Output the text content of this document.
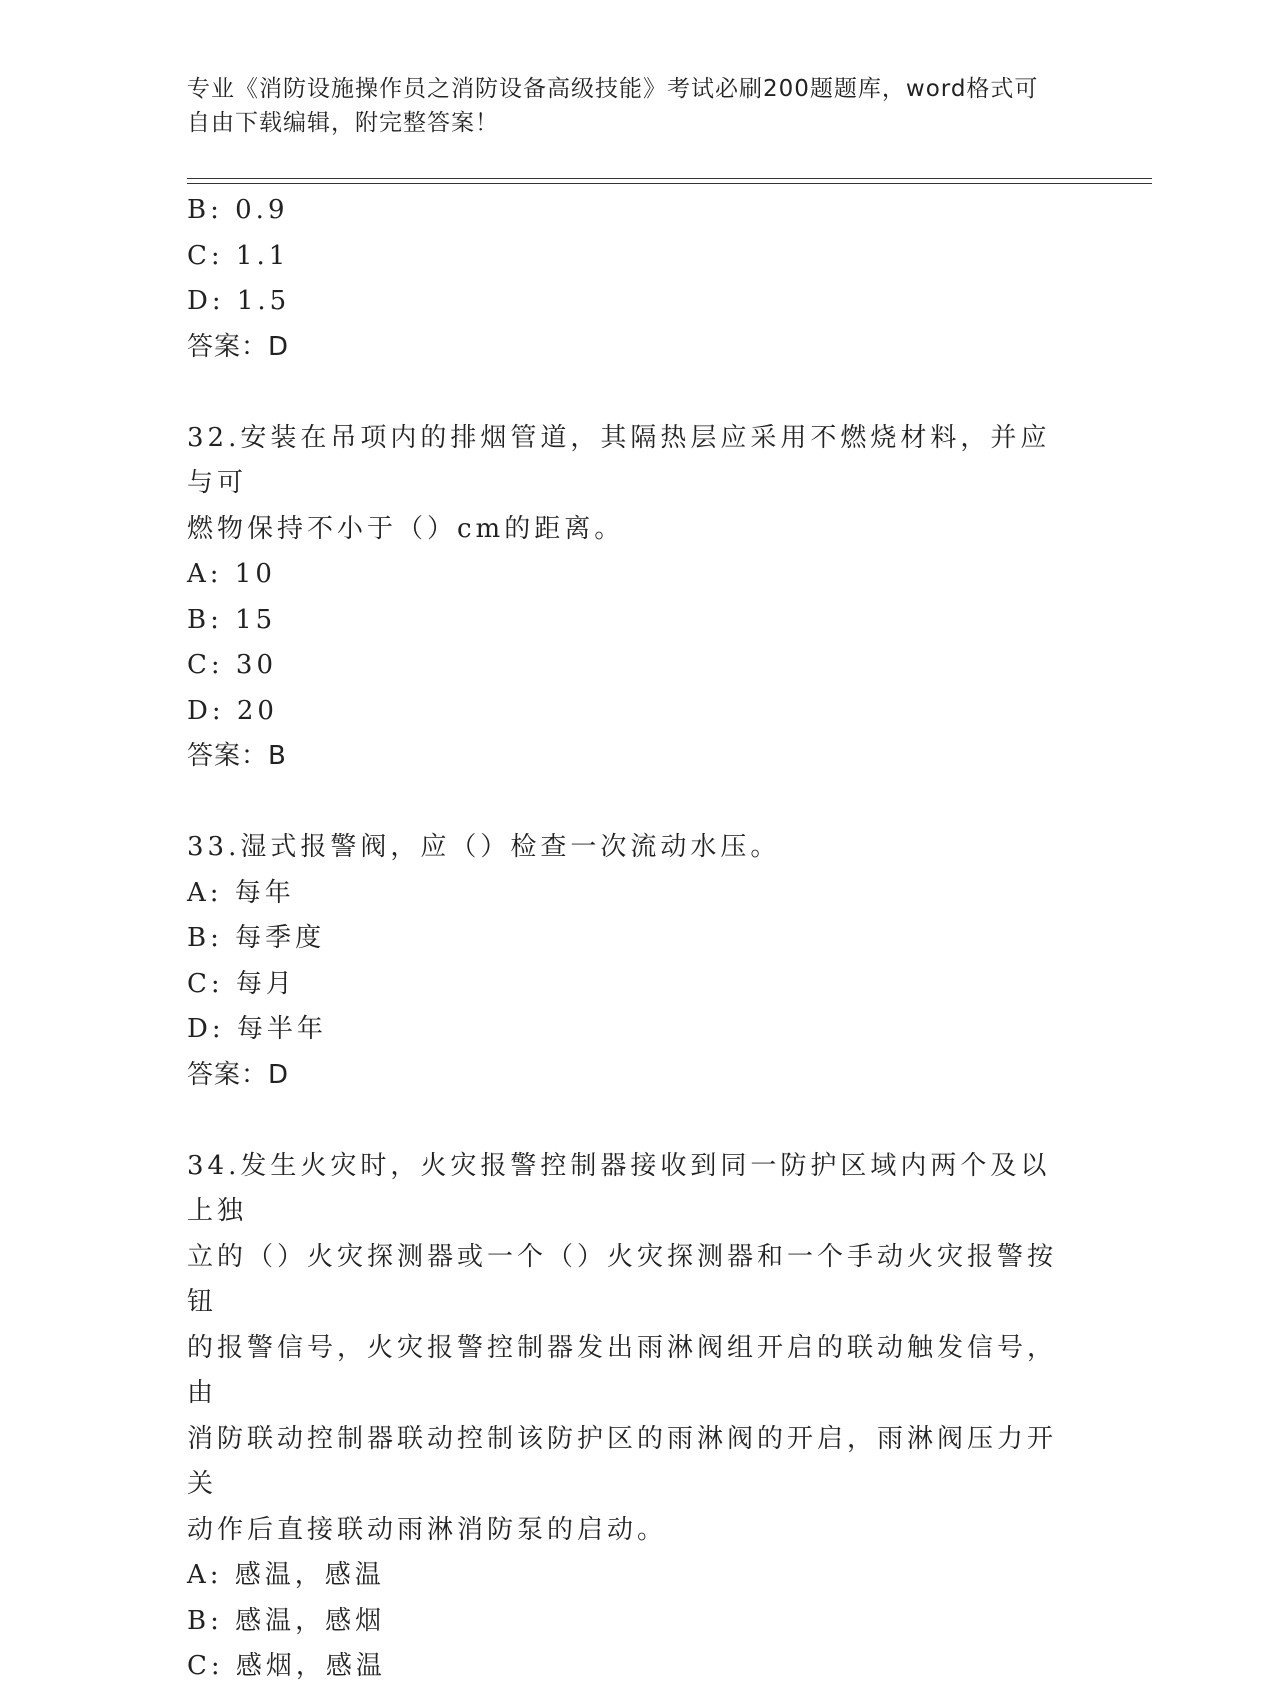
专业《消防设施操作员之消防设备高级技能》考试必刷200题题库，word格式可
自由下载编辑，附完整答案！
B: 0.9
C: 1.1
D: 1.5
答案：D
32.安装在吊项内的排烟管道，其隔热层应采用不燃烧材料，并应与可
燃物保持不小于（）cm的距离。
A: 10
B: 15
C: 30
D: 20
答案：B
33.湿式报警阀，应（）检查一次流动水压。
A: 每年
B: 每季度
C: 每月
D: 每半年
答案：D
34.发生火灾时，火灾报警控制器接收到同一防护区域内两个及以上独
立的（）火灾探测器或一个（）火灾探测器和一个手动火灾报警按钮
的报警信号，火灾报警控制器发出雨淋阀组开启的联动触发信号，由
消防联动控制器联动控制该防护区的雨淋阀的开启，雨淋阀压力开关
动作后直接联动雨淋消防泵的启动。
A: 感温，感温
B: 感温，感烟
C: 感烟，感温
